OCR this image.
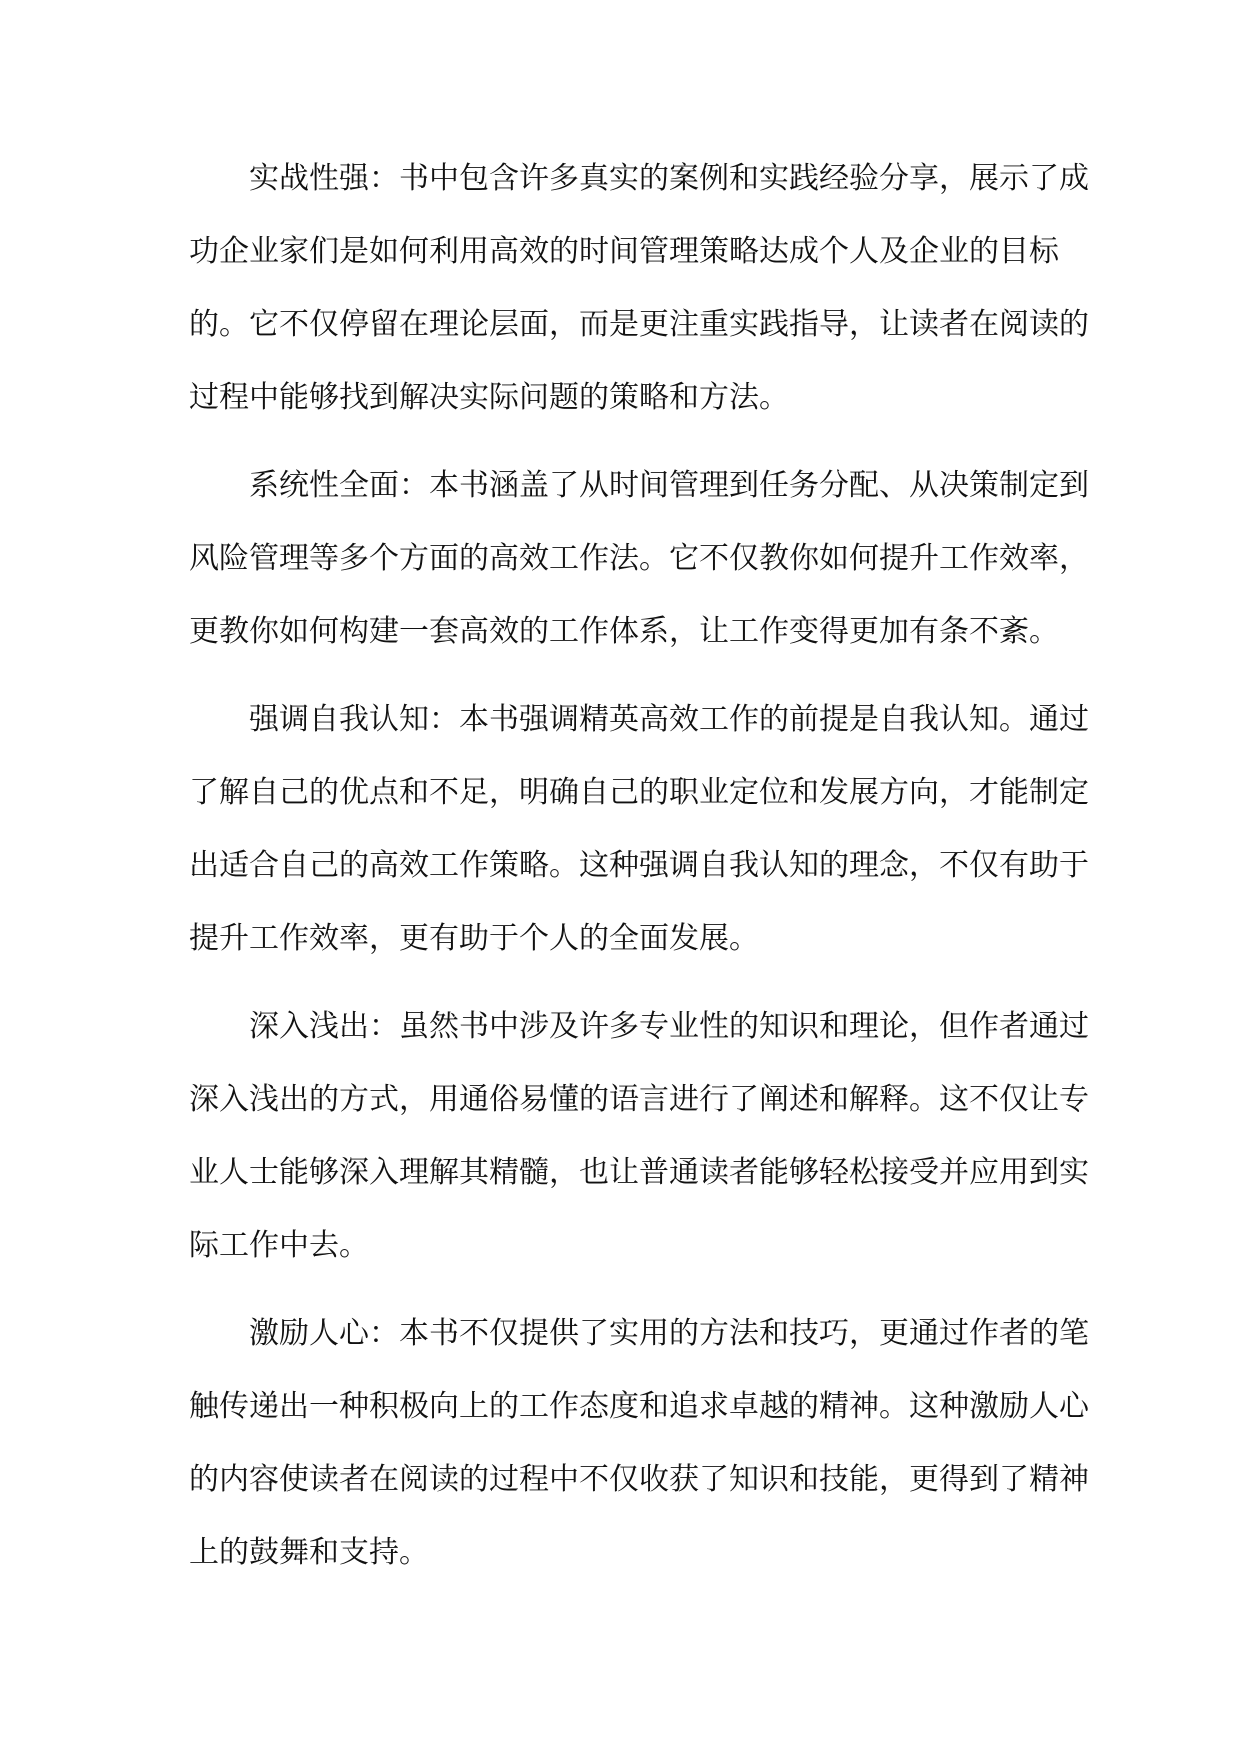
实战性强：书中包含许多真实的案例和实践经验分享，展示了成
功企业家们是如何利用高效的时间管理策略达成个人及企业的目标
的。它不仅停留在理论层面，而是更注重实践指导，让读者在阅读的
过程中能够找到解决实际问题的策略和方法。
系统性全面：本书涵盖了从时间管理到任务分配、从决策制定到
风险管理等多个方面的高效工作法。它不仅教你如何提升工作效率，
更教你如何构建一套高效的工作体系，让工作变得更加有条不紊。
强调自我认知：本书强调精英高效工作的前提是自我认知。通过
了解自己的优点和不足，明确自己的职业定位和发展方向，才能制定
出适合自己的高效工作策略。这种强调自我认知的理念，不仅有助于
提升工作效率，更有助于个人的全面发展。
深入浅出：虽然书中涉及许多专业性的知识和理论，但作者通过
深入浅出的方式，用通俗易懂的语言进行了阐述和解释。这不仅让专
业人士能够深入理解其精髓，也让普通读者能够轻松接受并应用到实
际工作中去。
激励人心：本书不仅提供了实用的方法和技巧，更通过作者的笔
触传递出一种积极向上的工作态度和追求卓越的精神。这种激励人心
的内容使读者在阅读的过程中不仅收获了知识和技能，更得到了精神
上的鼓舞和支持。
